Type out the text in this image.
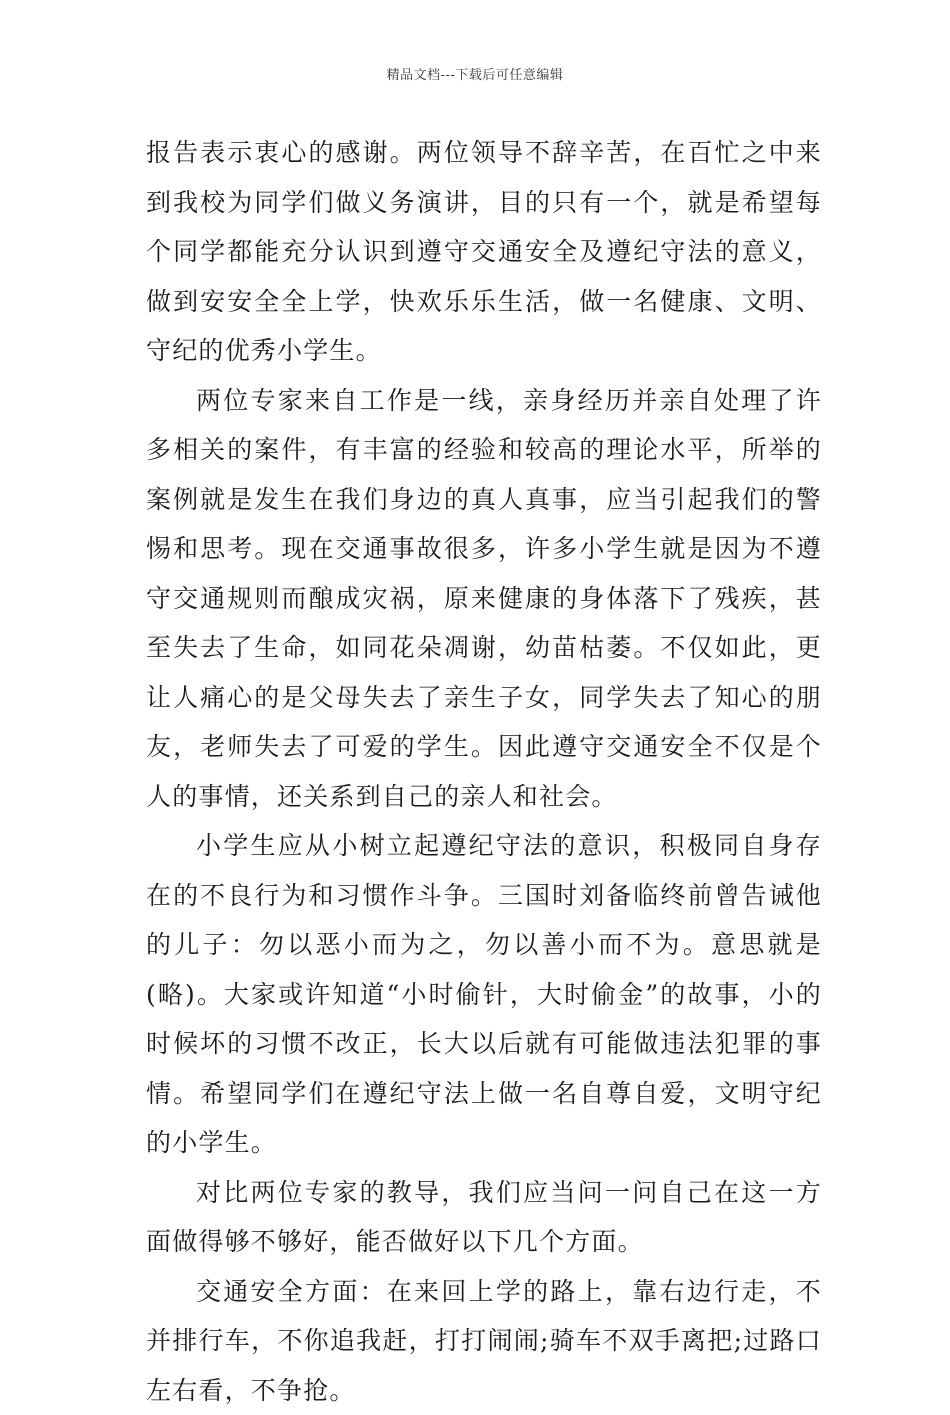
精品文档---下载后可任意编辑

报告表示衷心的感谢。两位领导不辞辛苦，在百忙之中来到我校为同学们做义务演讲，目的只有一个，就是希望每个同学都能充分认识到遵守交通安全及遵纪守法的意义，做到安安全全上学，快欢乐乐生活，做一名健康、文明、守纪的优秀小学生。

两位专家来自工作是一线，亲身经历并亲自处理了许多相关的案件，有丰富的经验和较高的理论水平，所举的案例就是发生在我们身边的真人真事，应当引起我们的警惕和思考。现在交通事故很多，许多小学生就是因为不遵守交通规则而酿成灾祸，原来健康的身体落下了残疾，甚至失去了生命，如同花朵凋谢，幼苗枯萎。不仅如此，更让人痛心的是父母失去了亲生子女，同学失去了知心的朋友，老师失去了可爱的学生。因此遵守交通安全不仅是个人的事情，还关系到自己的亲人和社会。

小学生应从小树立起遵纪守法的意识，积极同自身存在的不良行为和习惯作斗争。三国时刘备临终前曾告诫他的儿子：勿以恶小而为之，勿以善小而不为。意思就是(略)。大家或许知道“小时偷针，大时偷金”的故事，小的时候坏的习惯不改正，长大以后就有可能做违法犯罪的事情。希望同学们在遵纪守法上做一名自尊自爱，文明守纪的小学生。

对比两位专家的教导，我们应当问一问自己在这一方面做得够不够好，能否做好以下几个方面。

交通安全方面：在来回上学的路上，靠右边行走，不并排行车，不你追我赶，打打闹闹;骑车不双手离把;过路口左右看，不争抢。
